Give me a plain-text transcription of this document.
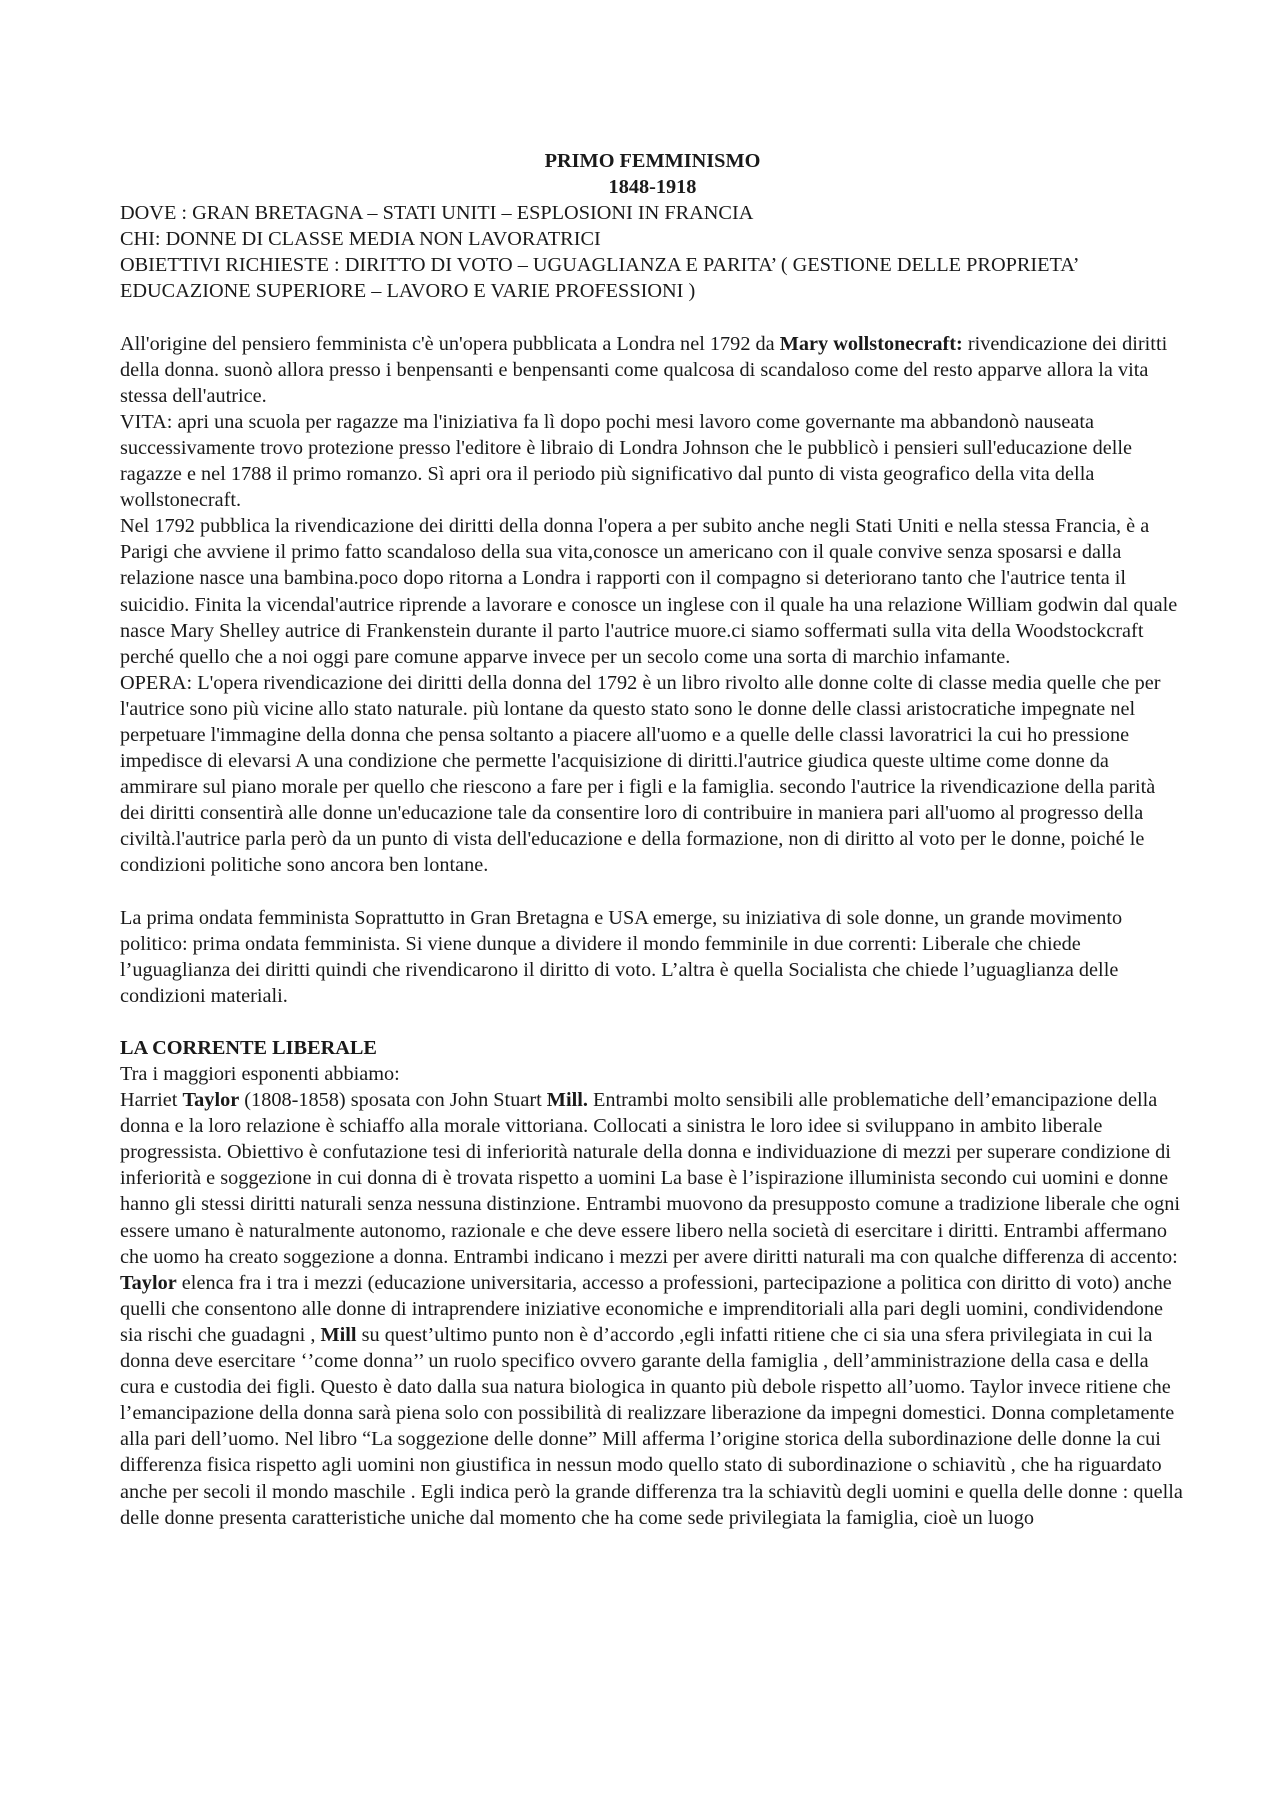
PRIMO FEMMINISMO

1848-1918

DOVE : GRAN BRETAGNA – STATI UNITI – ESPLOSIONI IN FRANCIA

CHI: DONNE DI CLASSE MEDIA NON LAVORATRICI

OBIETTIVI RICHIESTE : DIRITTO DI VOTO – UGUAGLIANZA E PARITA’ ( GESTIONE DELLE PROPRIETA’ EDUCAZIONE SUPERIORE – LAVORO E VARIE PROFESSIONI )

All'origine del pensiero femminista c'è un'opera pubblicata a Londra nel 1792 da Mary wollstonecraft: rivendicazione dei diritti della donna. suonò allora presso i benpensanti e benpensanti come qualcosa di scandaloso come del resto apparve allora la vita stessa dell'autrice.

VITA: apri una scuola per ragazze ma l'iniziativa fa lì dopo pochi mesi lavoro come governante ma abbandonò nauseata successivamente trovo protezione presso l'editore è libraio di Londra Johnson che le pubblicò i pensieri sull'educazione delle ragazze e nel 1788 il primo romanzo. Sì apri ora il periodo più significativo dal punto di vista geografico della vita della wollstonecraft.

Nel 1792 pubblica la rivendicazione dei diritti della donna l'opera a per subito anche negli Stati Uniti e nella stessa Francia, è a Parigi che avviene il primo fatto scandaloso della sua vita,conosce un americano con il quale convive senza sposarsi e dalla relazione nasce una bambina.poco dopo ritorna a Londra i rapporti con il compagno si deteriorano tanto che l'autrice tenta il suicidio. Finita la vicendal'autrice riprende a lavorare e conosce un inglese con il quale ha una relazione William godwin dal quale nasce Mary Shelley autrice di Frankenstein durante il parto l'autrice muore.ci siamo soffermati sulla vita della Woodstockcraft perché quello che a noi oggi pare comune apparve invece per un secolo come una sorta di marchio infamante.

OPERA: L'opera rivendicazione dei diritti della donna del 1792 è un libro rivolto alle donne colte di classe media quelle che per l'autrice sono più vicine allo stato naturale. più lontane da questo stato sono le donne delle classi aristocratiche impegnate nel perpetuare l'immagine della donna che pensa soltanto a piacere all'uomo e a quelle delle classi lavoratrici la cui ho pressione impedisce di elevarsi A una condizione che permette l'acquisizione di diritti.l'autrice giudica queste ultime come donne da ammirare sul piano morale per quello che riescono a fare per i figli e la famiglia. secondo l'autrice la rivendicazione della parità dei diritti consentirà alle donne un'educazione tale da consentire loro di contribuire in maniera pari all'uomo al progresso della civiltà.l'autrice parla però da un punto di vista dell'educazione e della formazione, non di diritto al voto per le donne, poiché le condizioni politiche sono ancora ben lontane.

La prima ondata femminista Soprattutto in Gran Bretagna e USA emerge, su iniziativa di sole donne, un grande movimento politico: prima ondata femminista. Si viene dunque a dividere il mondo femminile in due correnti: Liberale che chiede l’uguaglianza dei diritti quindi che rivendicarono il diritto di voto. L’altra è quella Socialista che chiede l’uguaglianza delle condizioni materiali.

LA CORRENTE LIBERALE

Tra i maggiori esponenti abbiamo:

Harriet Taylor (1808-1858) sposata con John Stuart Mill. Entrambi molto sensibili alle problematiche dell’emancipazione della donna e la loro relazione è schiaffo alla morale vittoriana. Collocati a sinistra le loro idee si sviluppano in ambito liberale progressista. Obiettivo è confutazione tesi di inferiorità naturale della donna e individuazione di mezzi per superare condizione di inferiorità e soggezione in cui donna di è trovata rispetto a uomini La base è l’ispirazione illuminista secondo cui uomini e donne hanno gli stessi diritti naturali senza nessuna distinzione. Entrambi muovono da presupposto comune a tradizione liberale che ogni essere umano è naturalmente autonomo, razionale e che deve essere libero nella società di esercitare i diritti. Entrambi affermano che uomo ha creato soggezione a donna. Entrambi indicano i mezzi per avere diritti naturali ma con qualche differenza di accento: Taylor elenca fra i tra i mezzi (educazione universitaria, accesso a professioni, partecipazione a politica con diritto di voto) anche quelli che consentono alle donne di intraprendere iniziative economiche e imprenditoriali alla pari degli uomini, condividendone sia rischi che guadagni , Mill su quest’ultimo punto non è d’accordo ,egli infatti ritiene che ci sia una sfera privilegiata in cui la donna deve esercitare ‘’come donna’’ un ruolo specifico ovvero garante della famiglia , dell’amministrazione della casa e della cura e custodia dei figli. Questo è dato dalla sua natura biologica in quanto più debole rispetto all’uomo. Taylor invece ritiene che l’emancipazione della donna sarà piena solo con possibilità di realizzare liberazione da impegni domestici. Donna completamente alla pari dell’uomo. Nel libro “La soggezione delle donne” Mill afferma l’origine storica della subordinazione delle donne la cui differenza fisica rispetto agli uomini non giustifica in nessun modo quello stato di subordinazione o schiavitù , che ha riguardato anche per secoli il mondo maschile . Egli indica però la grande differenza tra la schiavitù degli uomini e quella delle donne : quella delle donne presenta caratteristiche uniche dal momento che ha come sede privilegiata la famiglia, cioè un luogo
